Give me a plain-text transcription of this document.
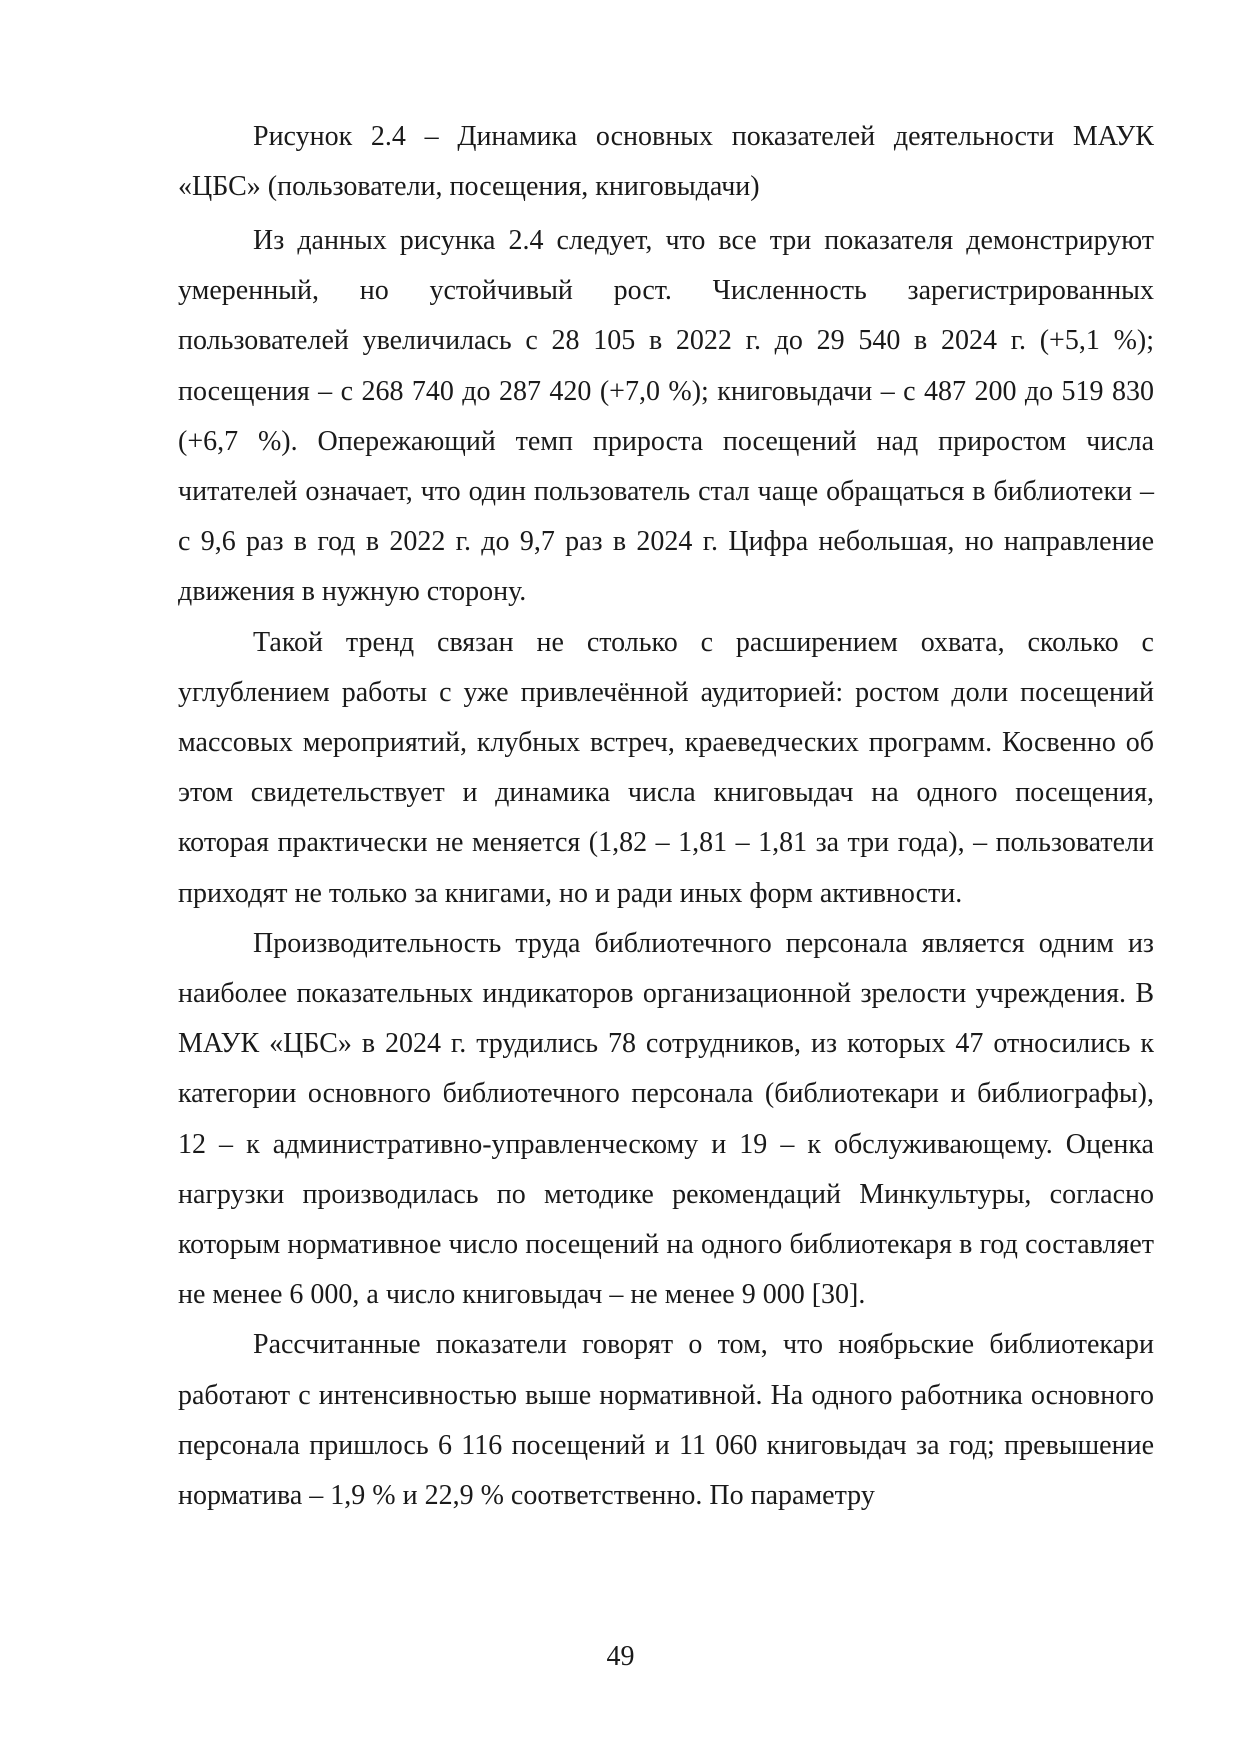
Рисунок 2.4 – Динамика основных показателей деятельности МАУК «ЦБС» (пользователи, посещения, книговыдачи)

Из данных рисунка 2.4 следует, что все три показателя демонстрируют умеренный, но устойчивый рост. Численность зарегистрированных пользователей увеличилась с 28 105 в 2022 г. до 29 540 в 2024 г. (+5,1 %); посещения – с 268 740 до 287 420 (+7,0 %); книговыдачи – с 487 200 до 519 830 (+6,7 %). Опережающий темп прироста посещений над приростом числа читателей означает, что один пользователь стал чаще обращаться в библиотеки – с 9,6 раз в год в 2022 г. до 9,7 раз в 2024 г. Цифра небольшая, но направление движения в нужную сторону.

Такой тренд связан не столько с расширением охвата, сколько с углублением работы с уже привлечённой аудиторией: ростом доли посещений массовых мероприятий, клубных встреч, краеведческих программ. Косвенно об этом свидетельствует и динамика числа книговыдач на одного посещения, которая практически не меняется (1,82 – 1,81 – 1,81 за три года), – пользователи приходят не только за книгами, но и ради иных форм активности.

Производительность труда библиотечного персонала является одним из наиболее показательных индикаторов организационной зрелости учреждения. В МАУК «ЦБС» в 2024 г. трудились 78 сотрудников, из которых 47 относились к категории основного библиотечного персонала (библиотекари и библиографы), 12 – к административно-управленческому и 19 – к обслуживающему. Оценка нагрузки производилась по методике рекомендаций Минкультуры, согласно которым нормативное число посещений на одного библиотекаря в год составляет не менее 6 000, а число книговыдач – не менее 9 000 [30].

Рассчитанные показатели говорят о том, что ноябрьские библиотекари работают с интенсивностью выше нормативной. На одного работника основного персонала пришлось 6 116 посещений и 11 060 книговыдач за год; превышение норматива – 1,9 % и 22,9 % соответственно. По параметру

49
